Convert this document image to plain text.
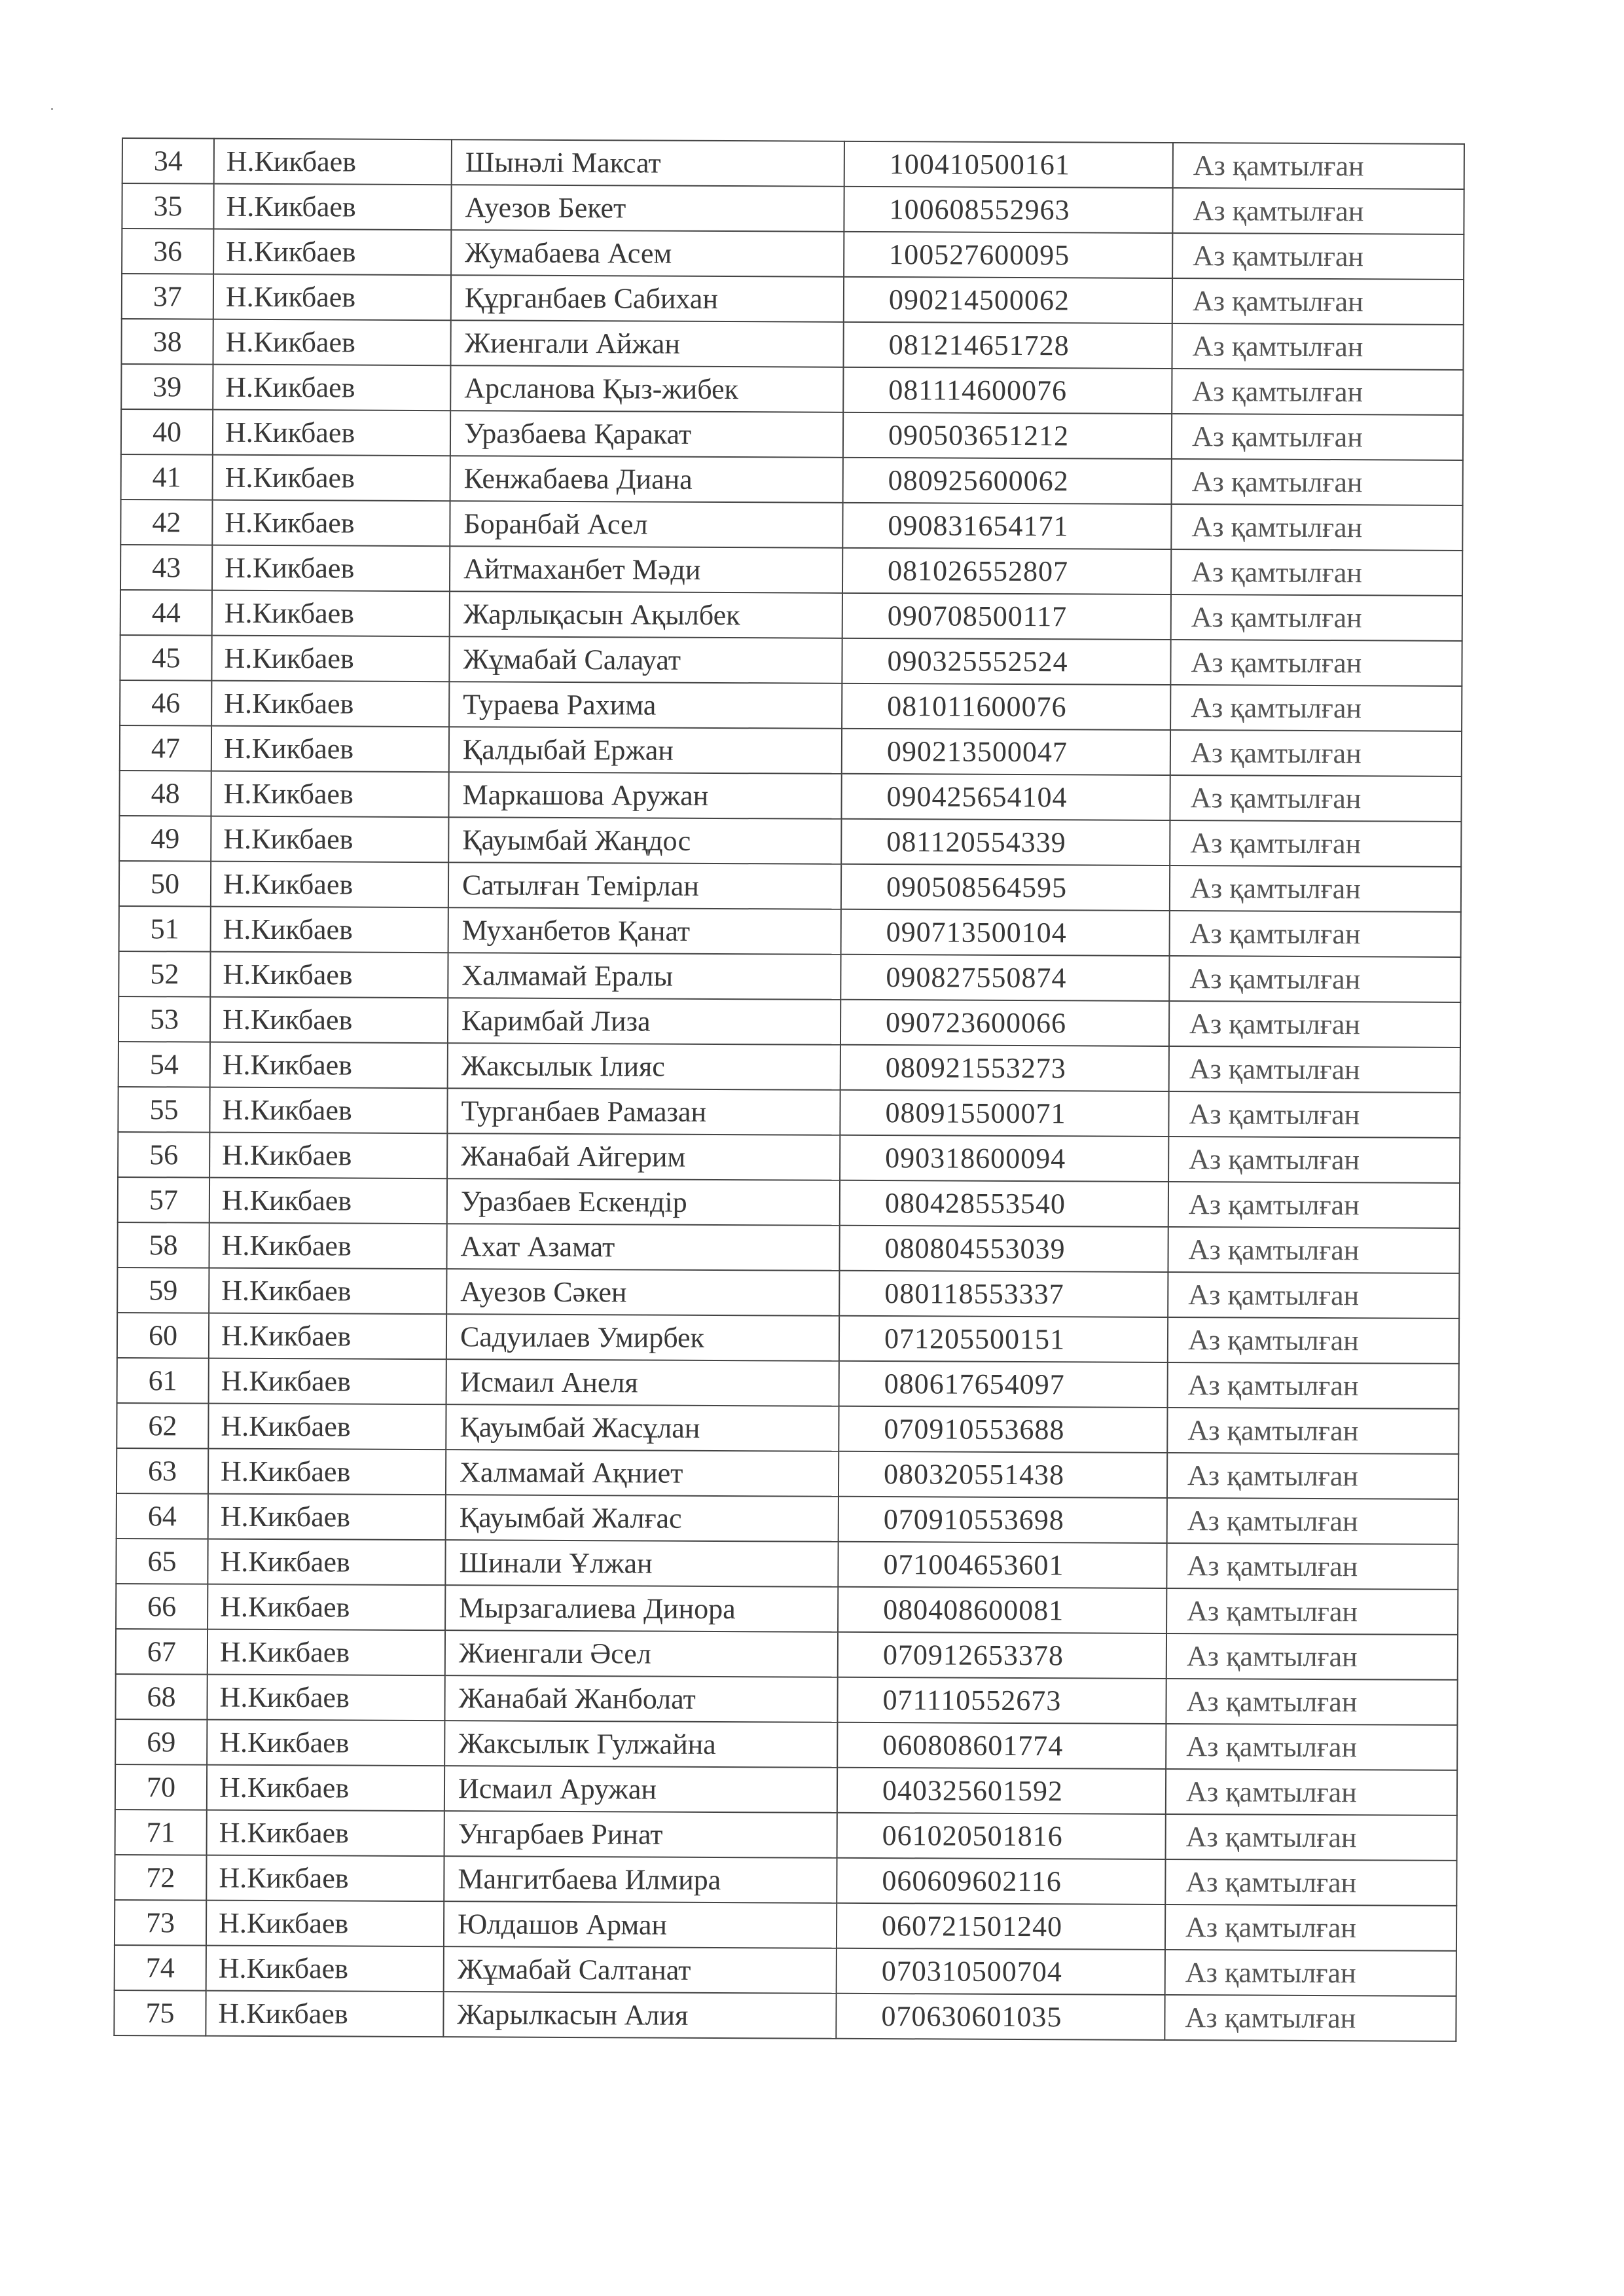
34	Н.Кикбаев	Шынәлі Максат	100410500161	Аз қамтылған
35	Н.Кикбаев	Ауезов Бекет	100608552963	Аз қамтылған
36	Н.Кикбаев	Жумабаева Асем	100527600095	Аз қамтылған
37	Н.Кикбаев	Құрганбаев Сабихан	090214500062	Аз қамтылған
38	Н.Кикбаев	Жиенгали Айжан	081214651728	Аз қамтылған
39	Н.Кикбаев	Арсланова Қыз-жибек	081114600076	Аз қамтылған
40	Н.Кикбаев	Уразбаева Қаракат	090503651212	Аз қамтылған
41	Н.Кикбаев	Кенжабаева Диана	080925600062	Аз қамтылған
42	Н.Кикбаев	Боранбай Асел	090831654171	Аз қамтылған
43	Н.Кикбаев	Айтмаханбет Мәди	081026552807	Аз қамтылған
44	Н.Кикбаев	Жарлықасын Ақылбек	090708500117	Аз қамтылған
45	Н.Кикбаев	Жұмабай Салауат	090325552524	Аз қамтылған
46	Н.Кикбаев	Тураева Рахима	081011600076	Аз қамтылған
47	Н.Кикбаев	Қалдыбай Ержан	090213500047	Аз қамтылған
48	Н.Кикбаев	Маркашова Аружан	090425654104	Аз қамтылған
49	Н.Кикбаев	Қауымбай Жаңдос	081120554339	Аз қамтылған
50	Н.Кикбаев	Сатылған Темірлан	090508564595	Аз қамтылған
51	Н.Кикбаев	Муханбетов Қанат	090713500104	Аз қамтылған
52	Н.Кикбаев	Халмамай Ералы	090827550874	Аз қамтылған
53	Н.Кикбаев	Каримбай Лиза	090723600066	Аз қамтылған
54	Н.Кикбаев	Жаксылык Ілияс	080921553273	Аз қамтылған
55	Н.Кикбаев	Турганбаев Рамазан	080915500071	Аз қамтылған
56	Н.Кикбаев	Жанабай Айгерим	090318600094	Аз қамтылған
57	Н.Кикбаев	Уразбаев Ескендір	080428553540	Аз қамтылған
58	Н.Кикбаев	Ахат Азамат	080804553039	Аз қамтылған
59	Н.Кикбаев	Ауезов Сәкен	080118553337	Аз қамтылған
60	Н.Кикбаев	Садуилаев Умирбек	071205500151	Аз қамтылған
61	Н.Кикбаев	Исмаил Анеля	080617654097	Аз қамтылған
62	Н.Кикбаев	Қауымбай Жасұлан	070910553688	Аз қамтылған
63	Н.Кикбаев	Халмамай Ақниет	080320551438	Аз қамтылған
64	Н.Кикбаев	Қауымбай Жалғас	070910553698	Аз қамтылған
65	Н.Кикбаев	Шинали Ұлжан	071004653601	Аз қамтылған
66	Н.Кикбаев	Мырзагалиева Динора	080408600081	Аз қамтылған
67	Н.Кикбаев	Жиенгали Әсел	070912653378	Аз қамтылған
68	Н.Кикбаев	Жанабай Жанболат	071110552673	Аз қамтылған
69	Н.Кикбаев	Жаксылык Гулжайна	060808601774	Аз қамтылған
70	Н.Кикбаев	Исмаил Аружан	040325601592	Аз қамтылған
71	Н.Кикбаев	Унгарбаев Ринат	061020501816	Аз қамтылған
72	Н.Кикбаев	Мангитбаева Илмира	060609602116	Аз қамтылған
73	Н.Кикбаев	Юлдашов Арман	060721501240	Аз қамтылған
74	Н.Кикбаев	Жұмабай Салтанат	070310500704	Аз қамтылған
75	Н.Кикбаев	Жарылкасын Алия	070630601035	Аз қамтылған
